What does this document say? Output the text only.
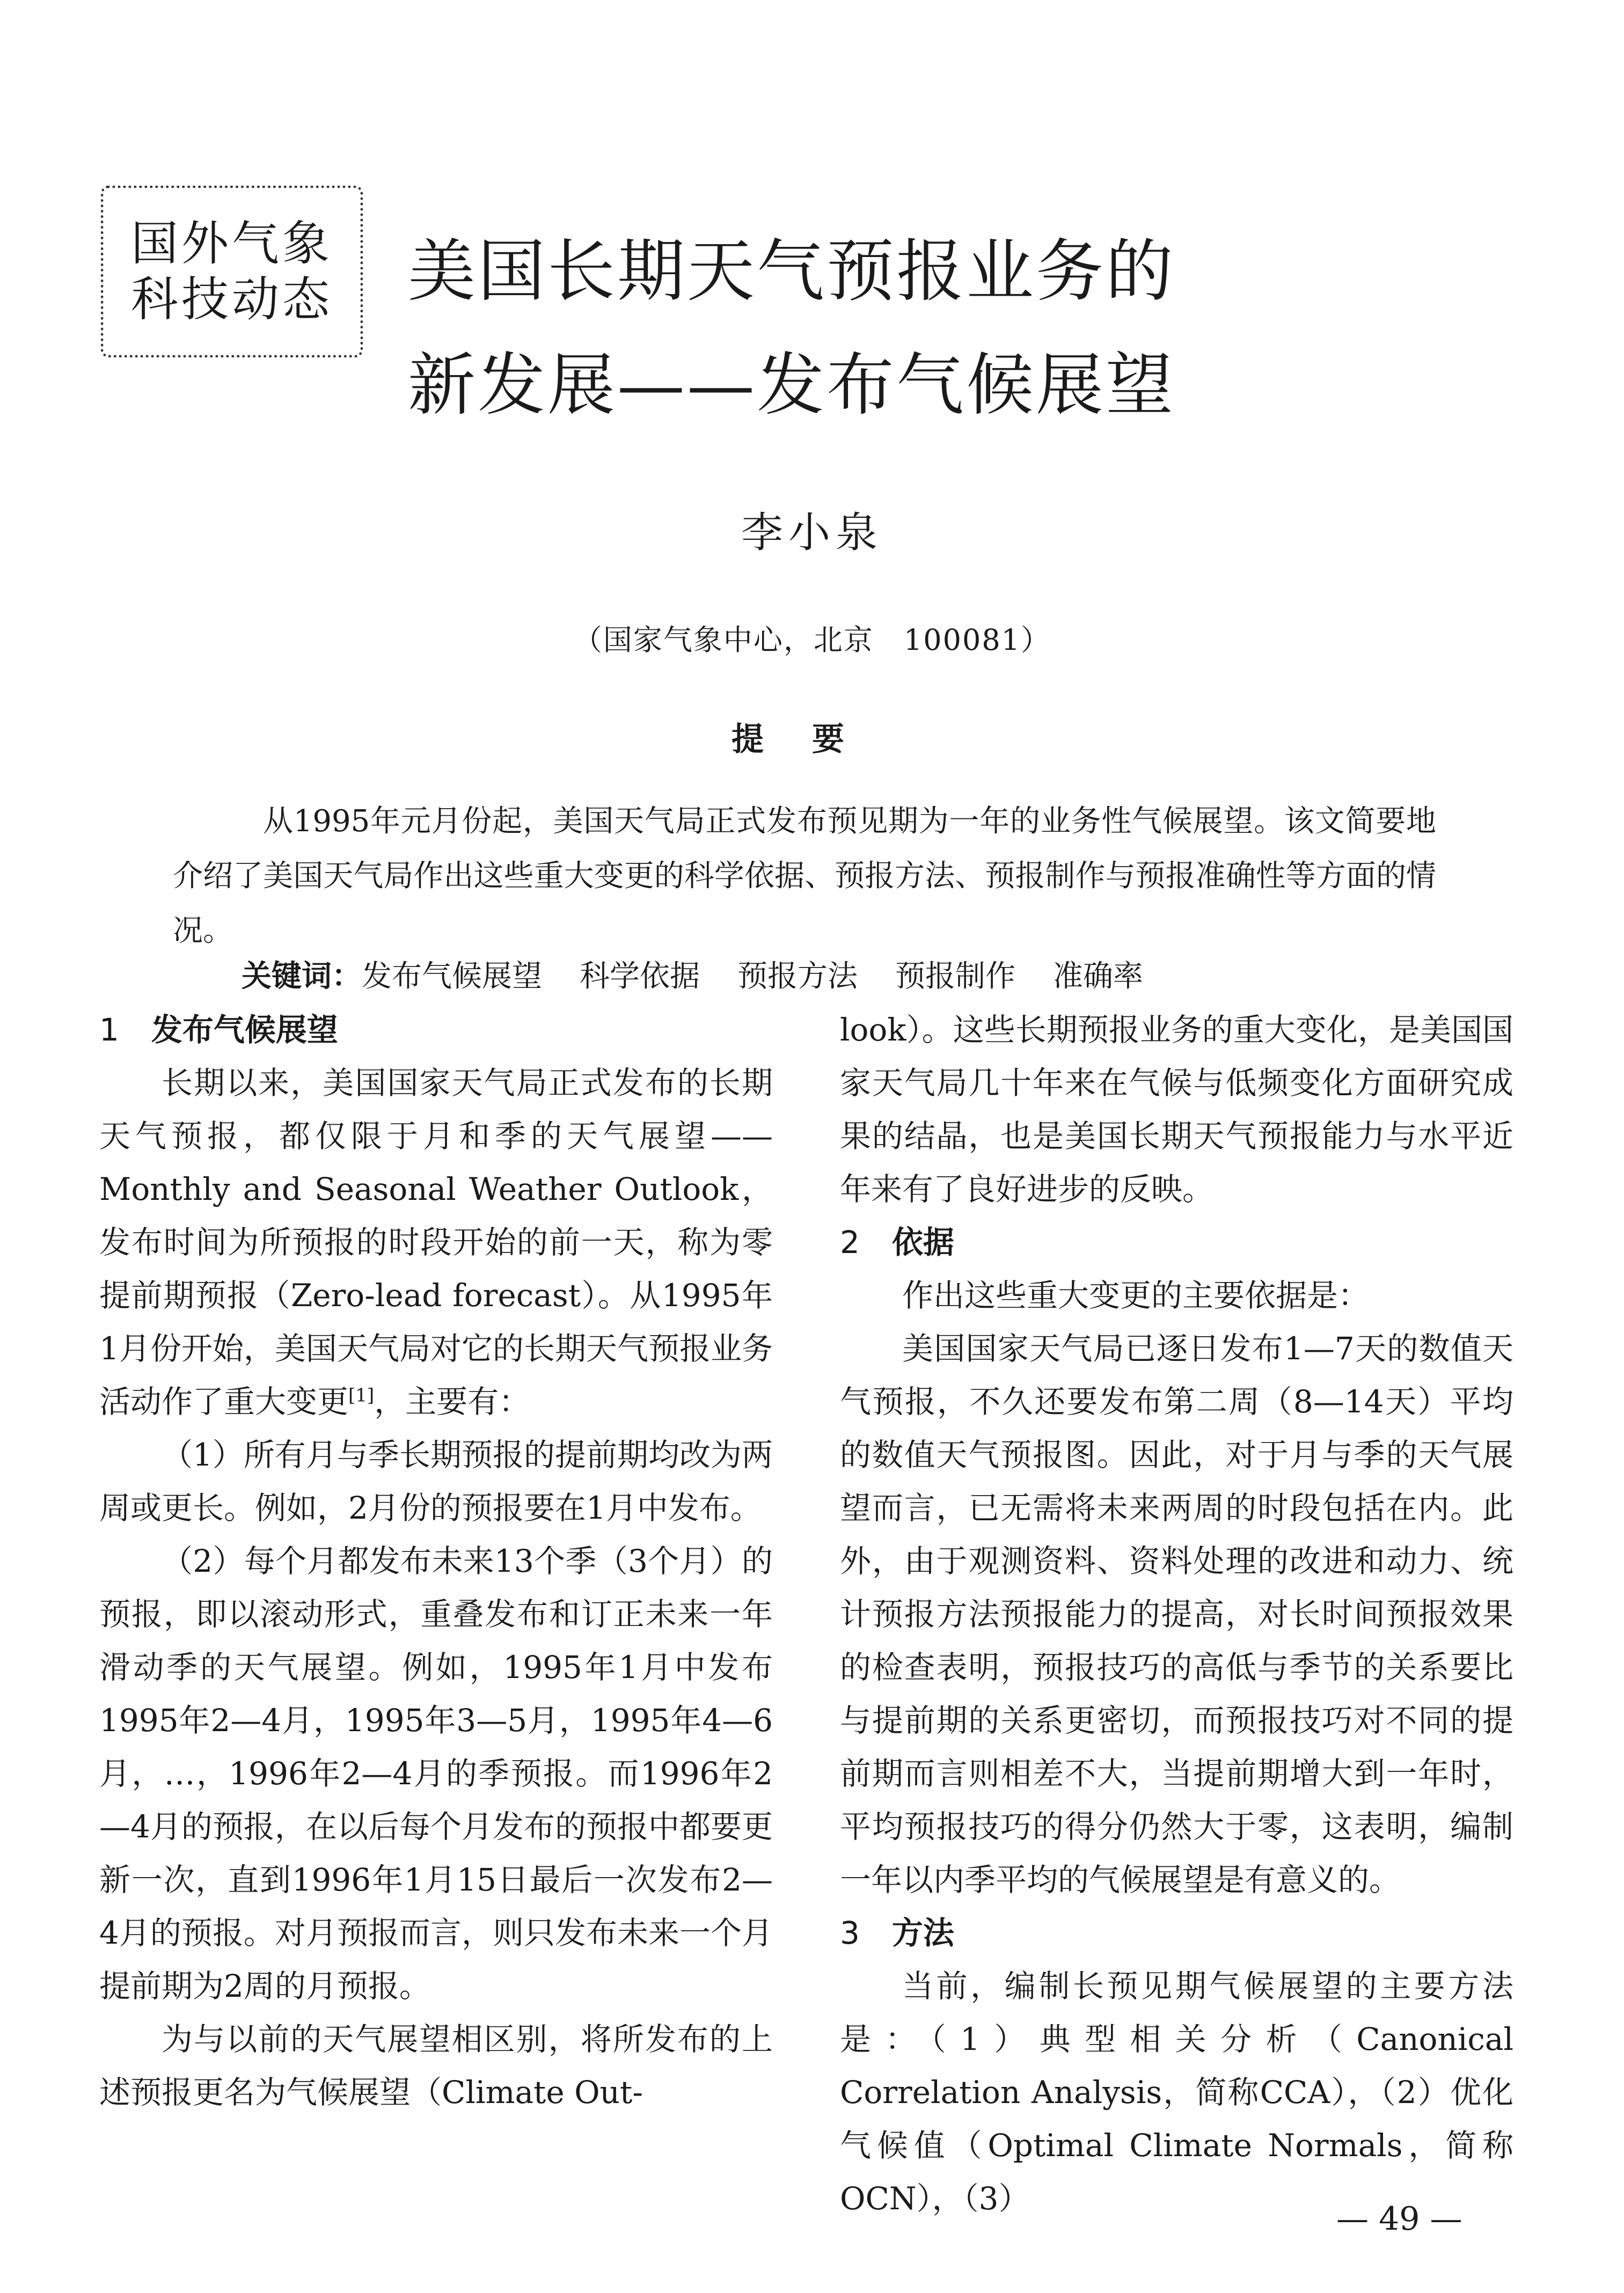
国外气象
科技动态 美国长期天气预报业务的
新发展——发布气候展望
李小泉
（国家气象中心，北京　100081）
提要

从1995年元月份起，美国天气局正式发布预见期为一年的业务性气候展望。该文简要地介绍了美国天气局作出这些重大变更的科学依据、预报方法、预报制作与预报准确性等方面的情况。

关键词：发布气候展望 科学依据 预报方法 预报制作 准确率
1 发布气候展望

长期以来，美国国家天气局正式发布的长期天气预报，都仅限于月和季的天气展望——Monthly and Seasonal Weather Outlook，发布时间为所预报的时段开始的前一天，称为零提前期预报（Zero-lead forecast）。从1995年1月份开始，美国天气局对它的长期天气预报业务活动作了重大变更[1]，主要有：

（1）所有月与季长期预报的提前期均改为两周或更长。例如，2月份的预报要在1月中发布。

（2）每个月都发布未来13个季（3个月）的预报，即以滚动形式，重叠发布和订正未来一年滑动季的天气展望。例如，1995年1月中发布1995年2—4月，1995年3—5月，1995年4—6月，…，1996年2—4月的季预报。而1996年2—4月的预报，在以后每个月发布的预报中都要更新一次，直到1996年1月15日最后一次发布2—4月的预报。对月预报而言，则只发布未来一个月提前期为2周的月预报。

为与以前的天气展望相区别，将所发布的上述预报更名为气候展望（Climate Out-

look）。这些长期预报业务的重大变化，是美国国家天气局几十年来在气候与低频变化方面研究成果的结晶，也是美国长期天气预报能力与水平近年来有了良好进步的反映。

2 依据

作出这些重大变更的主要依据是：

美国国家天气局已逐日发布1—7天的数值天气预报，不久还要发布第二周（8—14天）平均的数值天气预报图。因此，对于月与季的天气展望而言，已无需将未来两周的时段包括在内。此外，由于观测资料、资料处理的改进和动力、统计预报方法预报能力的提高，对长时间预报效果的检查表明，预报技巧的高低与季节的关系要比与提前期的关系更密切，而预报技巧对不同的提前期而言则相差不大，当提前期增大到一年时，平均预报技巧的得分仍然大于零，这表明，编制一年以内季平均的气候展望是有意义的。

3 方法

当前，编制长预见期气候展望的主要方法是：（1）典型相关分析（Canonical Correlation Analysis，简称CCA），（2）优化气候值（Optimal Climate Normals，简称OCN），（3）

— 49 —
